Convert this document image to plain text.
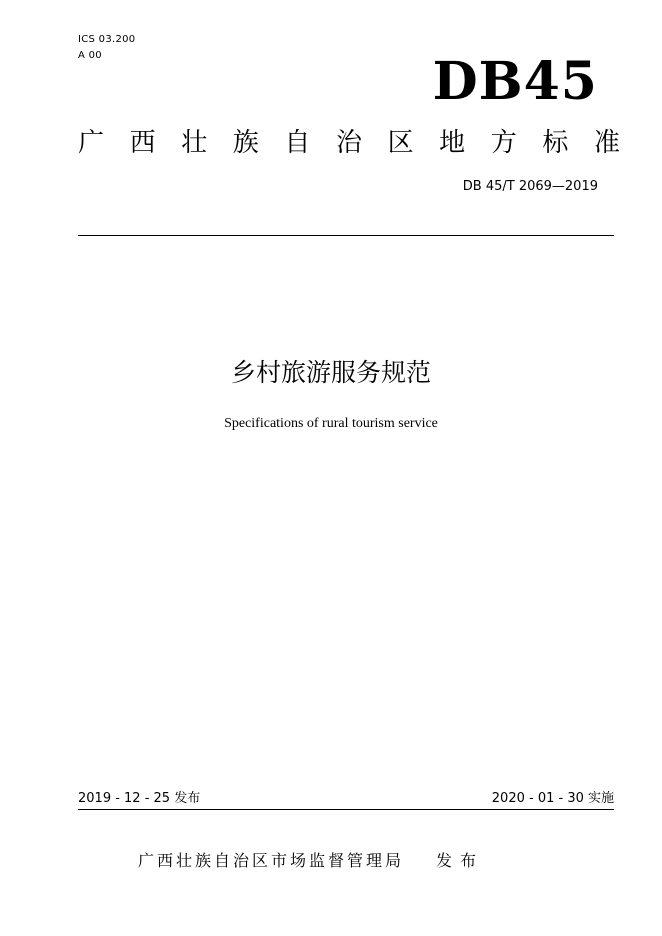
ICS 03.200
A 00	DB45
广 西 壮 族 自 治 区 地 方 标 准
DB 45/T 2069—2019
乡村旅游服务规范
Specifications of rural tourism service
2019 - 12 - 25 发布	2020 - 01 - 30 实施
广西壮族自治区市场监督管理局 发布
